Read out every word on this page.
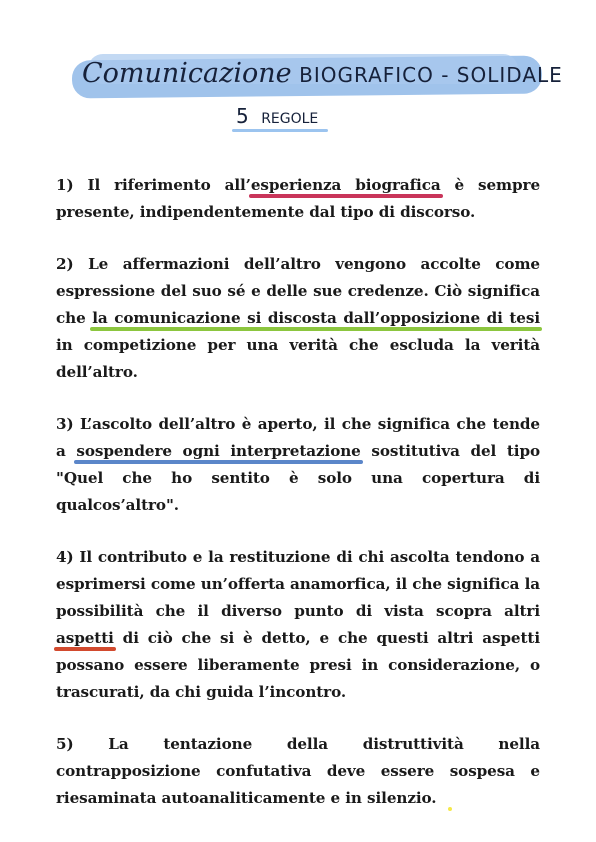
Comunicazione BIOGRAFICO - SOLIDALE
5 REGOLE

1) Il riferimento all’esperienza biografica è sempre presente, indipendentemente dal tipo di discorso.

2) Le affermazioni dell’altro vengono accolte come espressione del suo sé e delle sue credenze. Ciò significa che la comunicazione si discosta dall’opposizione di tesi in competizione per una verità che escluda la verità dell’altro.

3) L’ascolto dell’altro è aperto, il che significa che tende a sospendere ogni interpretazione sostitutiva del tipo "Quel che ho sentito è solo una copertura di qualcos’altro".

4) Il contributo e la restituzione di chi ascolta tendono a esprimersi come un’offerta anamorfica, il che significa la possibilità che il diverso punto di vista scopra altri aspetti di ciò che si è detto, e che questi altri aspetti possano essere liberamente presi in considerazione, o trascurati, da chi guida l’incontro.

5) La tentazione della distruttività nella contrapposizione confutativa deve essere sospesa e riesaminata autoanaliticamente e in silenzio.
